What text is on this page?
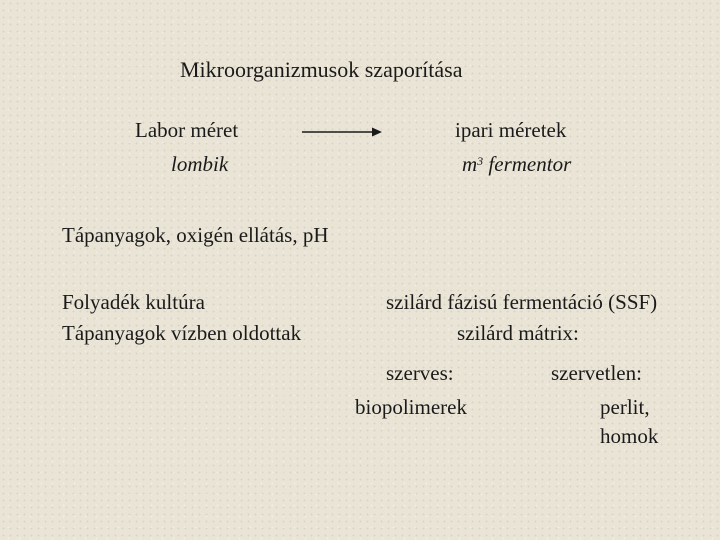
Mikroorganizmusok szaporítása
Labor méret
lombik
ipari méretek
$m^3$ fermentor
Tápanyagok, oxigén ellátás, pH
Folyadék kultúra
Tápanyagok vízben oldottak
szilárd fázisú fermentáció (SSF)
szilárd mátrix:
szerves:	szervetlen:
biopolimerek	perlit,
homok
